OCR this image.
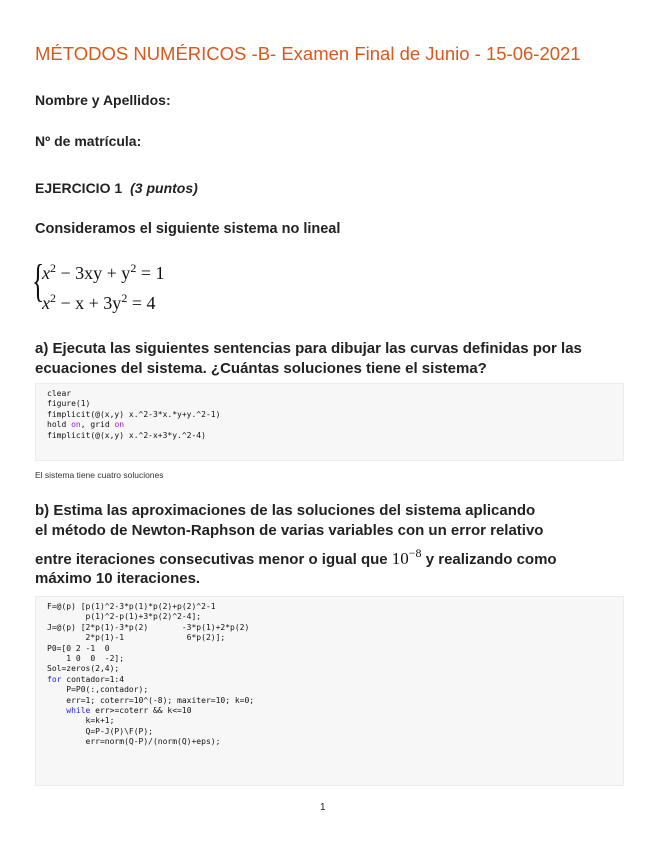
MÉTODOS NUMÉRICOS -B- Examen Final de Junio - 15-06-2021
Nombre y Apellidos:
Nº de matrícula:
EJERCICIO 1 (3 puntos)
Consideramos el siguiente sistema no lineal
{
$x^2 - 3xy + y^2 = 1$
$x^2 - x + 3y^2 = 4$
a) Ejecuta las siguientes sentencias para dibujar las curvas definidas por las ecuaciones del sistema. ¿Cuántas soluciones tiene el sistema?
clear
figure(1)
fimplicit(@(x,y) x.^2-3*x.*y+y.^2-1)
hold on, grid on
fimplicit(@(x,y) x.^2-x+3*y.^2-4)
El sistema tiene cuatro soluciones
b) Estima las aproximaciones de las soluciones del sistema aplicando
el método de Newton-Raphson de varias variables con un error relativo
entre iteraciones consecutivas menor o igual que $10^{-8}$ y realizando como
máximo 10 iteraciones.
F=@(p) [p(1)^2-3*p(1)*p(2)+p(2)^2-1
p(1)^2-p(1)+3*p(2)^2-4];
J=@(p) [2*p(1)-3*p(2)       -3*p(1)+2*p(2)
2*p(1)-1             6*p(2)];
P0=[0 2 -1  0
1 0  0  -2];
Sol=zeros(2,4);
for contador=1:4
P=P0(:,contador);
err=1; coterr=10^(-8); maxiter=10; k=0;
while err>=coterr && k<=10
k=k+1;
Q=P-J(P)\F(P);
err=norm(Q-P)/(norm(Q)+eps);
1
